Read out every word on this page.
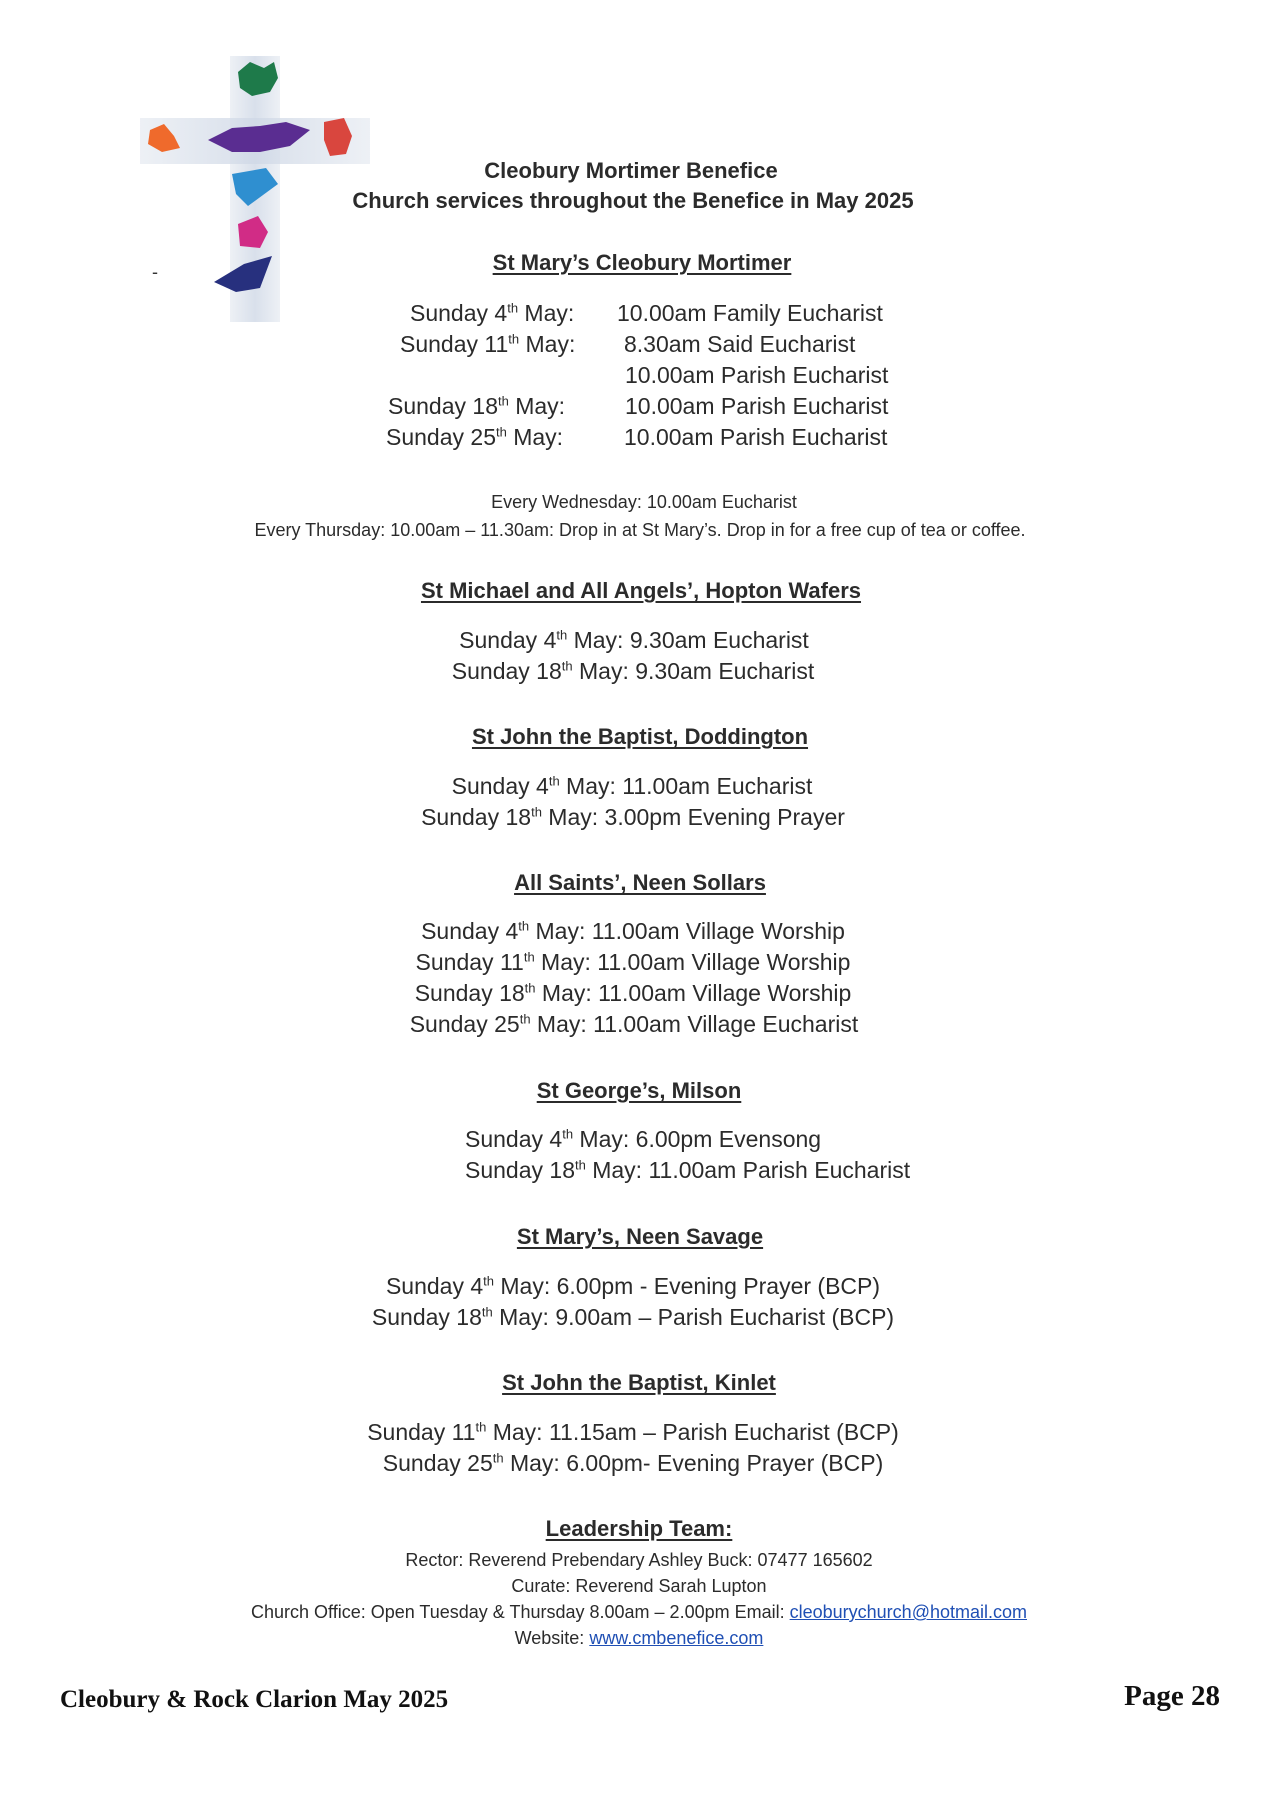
-
Cleobury Mortimer Benefice
Church services throughout the Benefice in May 2025
St Mary’s Cleobury Mortimer
Sunday 4th May: 10.00am Family Eucharist
Sunday 11th May: 8.30am Said Eucharist
10.00am Parish Eucharist
Sunday 18th May:	10.00am Parish Eucharist
Sunday 25th May:	10.00am Parish Eucharist
Every Wednesday: 10.00am Eucharist
Every Thursday: 10.00am – 11.30am: Drop in at St Mary’s. Drop in for a free cup of tea or coffee.
St Michael and All Angels’, Hopton Wafers
Sunday 4th May: 9.30am Eucharist
Sunday 18th May: 9.30am Eucharist
St John the Baptist, Doddington
Sunday 4th May: 11.00am Eucharist
Sunday 18th May: 3.00pm Evening Prayer
All Saints’, Neen Sollars
Sunday 4th May: 11.00am Village Worship
Sunday 11th May: 11.00am Village Worship
Sunday 18th May: 11.00am Village Worship
Sunday 25th May: 11.00am Village Eucharist
St George’s, Milson
Sunday 4th May: 6.00pm Evensong
Sunday 18th May: 11.00am Parish Eucharist
St Mary’s, Neen Savage
Sunday 4th May: 6.00pm - Evening Prayer (BCP)
Sunday 18th May: 9.00am – Parish Eucharist (BCP)
St John the Baptist, Kinlet
Sunday 11th May: 11.15am – Parish Eucharist (BCP)
Sunday 25th May: 6.00pm- Evening Prayer (BCP)
Leadership Team:
Rector: Reverend Prebendary Ashley Buck: 07477 165602
Curate: Reverend Sarah Lupton
Church Office: Open Tuesday & Thursday 8.00am – 2.00pm Email: cleoburychurch@hotmail.com
Website: www.cmbenefice.com
Cleobury & Rock Clarion May 2025	Page 28
